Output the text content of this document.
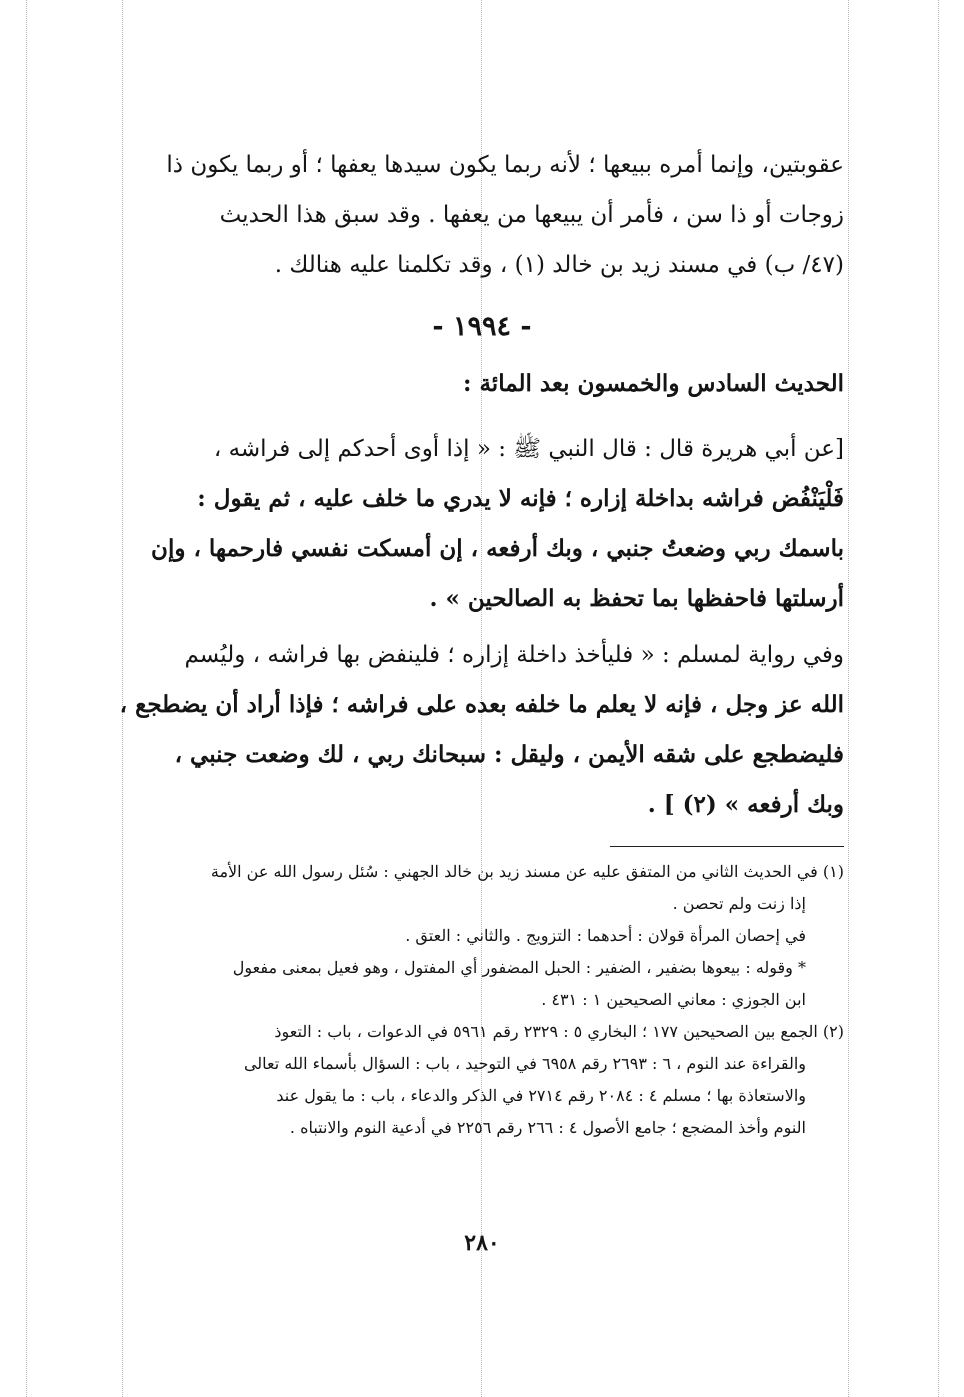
عقوبتين، وإنما أمره ببيعها ؛ لأنه ربما يكون سيدها يعفها ؛ أو ربما يكون ذا
زوجات أو ذا سن ، فأمر أن يبيعها من يعفها . وقد سبق هذا الحديث
(٤٧/ ب) في مسند زيد بن خالد (١) ، وقد تكلمنا عليه هنالك .
- ١٩٩٤ -
الحديث السادس والخمسون بعد المائة :
[عن أبي هريرة قال : قال النبي ﷺ : « إذا أوى أحدكم إلى فراشه ،
فَلْيَنْفُض فراشه بداخلة إزاره ؛ فإنه لا يدري ما خلف عليه ، ثم يقول :
باسمك ربي وضعتُ جنبي ، وبك أرفعه ، إن أمسكت نفسي فارحمها ، وإن
أرسلتها فاحفظها بما تحفظ به الصالحين » .
وفي رواية لمسلم : « فليأخذ داخلة إزاره ؛ فلينفض بها فراشه ، وليُسم
الله عز وجل ، فإنه لا يعلم ما خلفه بعده على فراشه ؛ فإذا أراد أن يضطجع ،
فليضطجع على شقه الأيمن ، وليقل : سبحانك ربي ، لك وضعت جنبي ،
وبك أرفعه » (٢) ] .
(١) في الحديث الثاني من المتفق عليه عن مسند زيد بن خالد الجهني : سُئل رسول الله عن الأمة
إذا زنت ولم تحصن .
في إحصان المرأة قولان : أحدهما : التزويج . والثاني : العتق .
* وقوله : بيعوها بضفير ، الضفير : الحبل المضفور أي المفتول ، وهو فعيل بمعنى مفعول
ابن الجوزي : معاني الصحيحين ١ : ٤٣١ .
(٢) الجمع بين الصحيحين ١٧٧ ؛ البخاري ٥ : ٢٣٢٩ رقم ٥٩٦١ في الدعوات ، باب : التعوذ
والقراءة عند النوم ، ٦ : ٢٦٩٣ رقم ٦٩٥٨ في التوحيد ، باب : السؤال بأسماء الله تعالى
والاستعاذة بها ؛ مسلم ٤ : ٢٠٨٤ رقم ٢٧١٤ في الذكر والدعاء ، باب : ما يقول عند
النوم وأخذ المضجع ؛ جامع الأصول ٤ : ٢٦٦ رقم ٢٢٥٦ في أدعية النوم والانتباه .
٢٨٠
